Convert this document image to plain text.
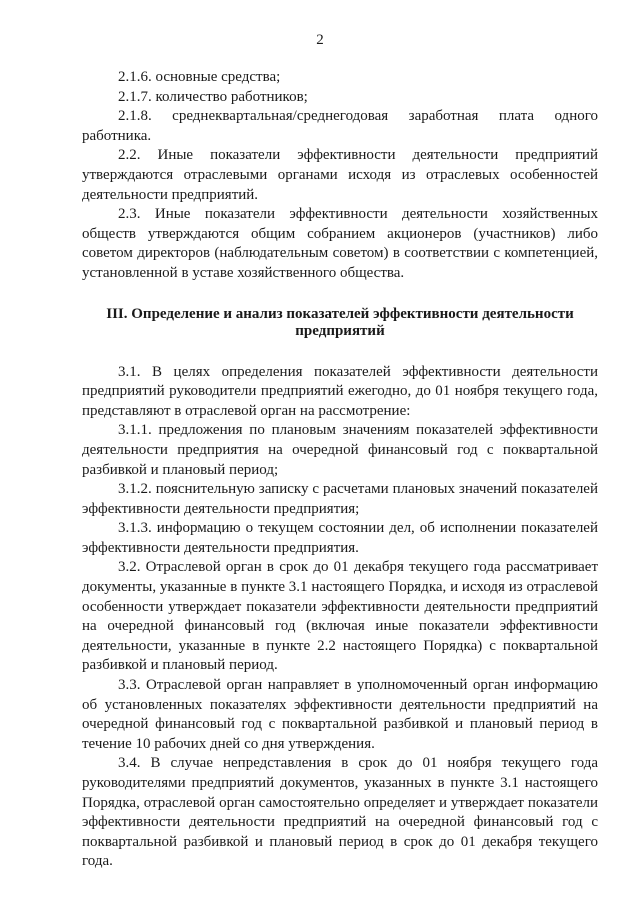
2

2.1.6. основные средства;

2.1.7. количество работников;

2.1.8. среднеквартальная/среднегодовая заработная плата одного работника.

2.2. Иные показатели эффективности деятельности предприятий утверждаются отраслевыми органами исходя из отраслевых особенностей деятельности предприятий.

2.3. Иные показатели эффективности деятельности хозяйственных обществ утверждаются общим собранием акционеров (участников) либо советом директоров (наблюдательным советом) в соответствии с компетенцией, установленной в уставе хозяйственного общества.

III. Определение и анализ показателей эффективности деятельности
предприятий

3.1. В целях определения показателей эффективности деятельности предприятий руководители предприятий ежегодно, до 01 ноября текущего года, представляют в отраслевой орган на рассмотрение:

3.1.1. предложения по плановым значениям показателей эффективности деятельности предприятия на очередной финансовый год с поквартальной разбивкой и плановый период;

3.1.2. пояснительную записку с расчетами плановых значений показателей эффективности деятельности предприятия;

3.1.3. информацию о текущем состоянии дел, об исполнении показателей эффективности деятельности предприятия.

3.2. Отраслевой орган в срок до 01 декабря текущего года рассматривает документы, указанные в пункте 3.1 настоящего Порядка, и исходя из отраслевой особенности утверждает показатели эффективности деятельности предприятий на очередной финансовый год (включая иные показатели эффективности деятельности, указанные в пункте 2.2 настоящего Порядка) с поквартальной разбивкой и плановый период.

3.3. Отраслевой орган направляет в уполномоченный орган информацию об установленных показателях эффективности деятельности предприятий на очередной финансовый год с поквартальной разбивкой и плановый период в течение 10 рабочих дней со дня утверждения.

3.4. В случае непредставления в срок до 01 ноября текущего года руководителями предприятий документов, указанных в пункте 3.1 настоящего Порядка, отраслевой орган самостоятельно определяет и утверждает показатели эффективности деятельности предприятий на очередной финансовый год с поквартальной разбивкой и плановый период в срок до 01 декабря текущего года.
